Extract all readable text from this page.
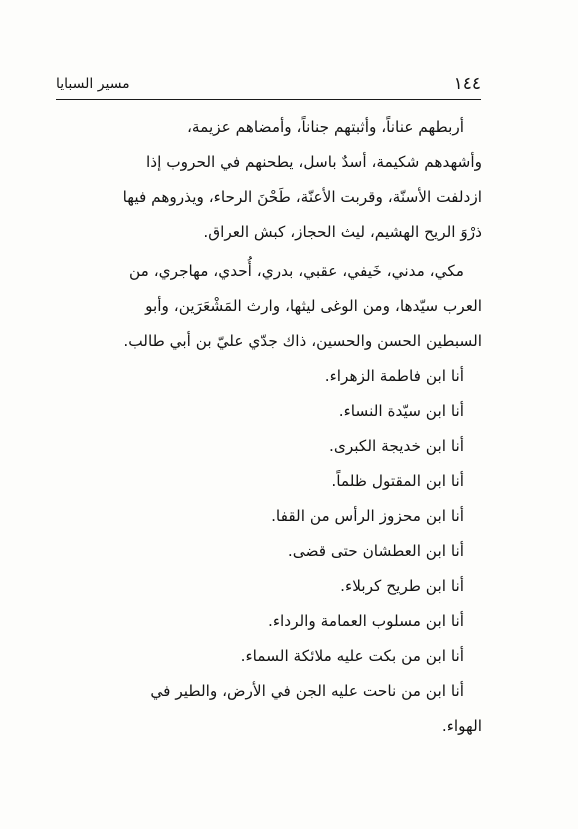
١٤٤
مسير السبايا
أربطهم عناناً، وأثبتهم جناناً، وأمضاهم عزيمة،
وأشهدهم شكيمة، أسدٌ باسل، يطحنهم في الحروب إذا
ازدلفت الأسنّة، وقربت الأعنّة، طَحْنَ الرحاء، ويذروهم فيها
ذرْوَ الريح الهشيم، ليث الحجاز، كبش العراق.
مكي، مدني، خَيفي، عقبي، بدري، أُحدي، مهاجري، من
العرب سيّدها، ومن الوغى ليثها، وارث المَشْعَرَين، وأبو
السبطين الحسن والحسين، ذاك جدّي عليّ بن أبي طالب.
أنا ابن فاطمة الزهراء.
أنا ابن سيّدة النساء.
أنا ابن خديجة الكبرى.
أنا ابن المقتول ظلماً.
أنا ابن محزوز الرأس من القفا.
أنا ابن العطشان حتى قضى.
أنا ابن طريح كربلاء.
أنا ابن مسلوب العمامة والرداء.
أنا ابن من بكت عليه ملائكة السماء.
أنا ابن من ناحت عليه الجن في الأرض، والطير في
الهواء.
